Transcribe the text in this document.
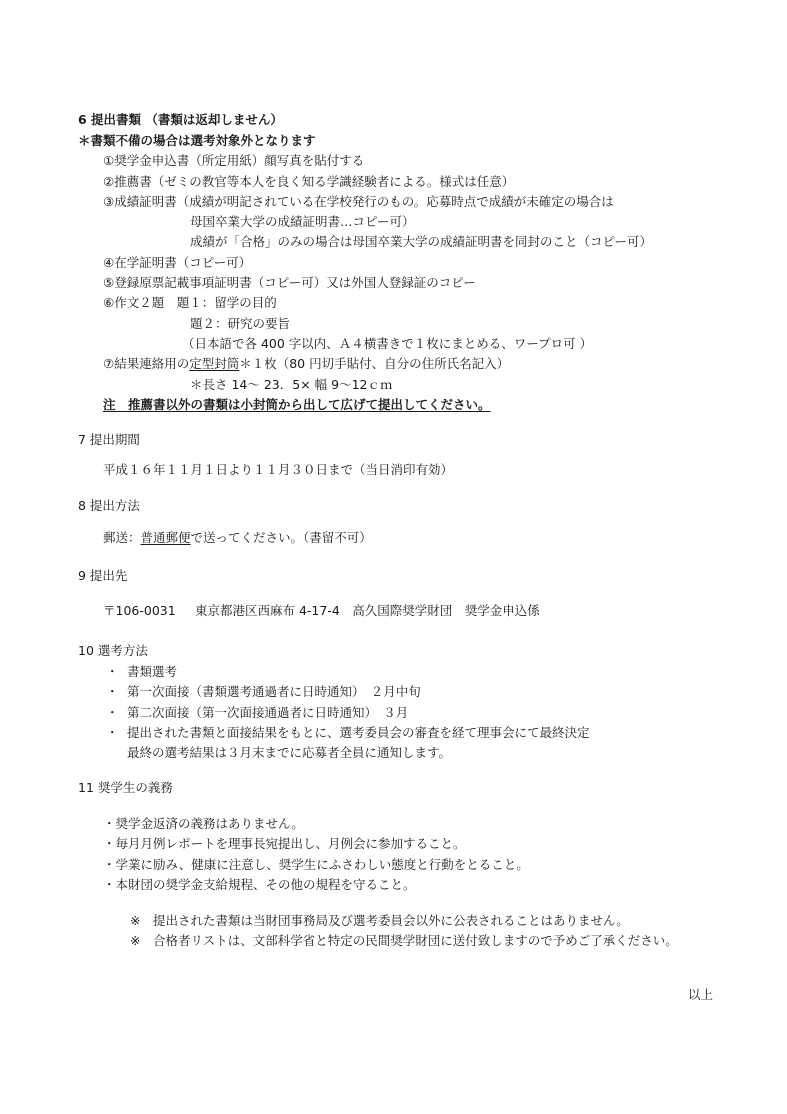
6 提出書類 （書類は返却しません）
＊書類不備の場合は選考対象外となります
①奨学金申込書（所定用紙）顔写真を貼付する
②推薦書（ゼミの教官等本人を良く知る学識経験者による。様式は任意）
③成績証明書（成績が明記されている在学校発行のもの。応募時点で成績が未確定の場合は
母国卒業大学の成績証明書…コピー可）
成績が「合格」のみの場合は母国卒業大学の成績証明書を同封のこと（コピー可）
④在学証明書（コピー可）
⑤登録原票記載事項証明書（コピー可）又は外国人登録証のコピー
⑥作文２題　題１：留学の目的
題２：研究の要旨
（日本語で各 400 字以内、Ａ４横書きで１枚にまとめる、ワープロ可 ）
⑦結果連絡用の定型封筒＊１枚（80 円切手貼付、自分の住所氏名記入）
＊長さ 14～ 23．5× 幅 9～12ｃｍ
注　推薦書以外の書類は小封筒から出して広げて提出してください。
7 提出期間
平成１６年１１月１日より１１月３０日まで（当日消印有効）
8 提出方法
郵送：普通郵便で送ってください。（書留不可）
9 提出先
〒106-0031 東京都港区西麻布 4-17-4　高久国際奨学財団　奨学金申込係
10 選考方法
・ 書類選考
・ 第一次面接（書類選考通過者に日時通知）　２月中旬
・ 第二次面接（第一次面接通過者に日時通知）　３月
・ 提出された書類と面接結果をもとに、選考委員会の審査を経て理事会にて最終決定
最終の選考結果は３月末までに応募者全員に通知します。
11 奨学生の義務
・奨学金返済の義務はありません。
・毎月月例レポートを理事長宛提出し、月例会に参加すること。
・学業に励み、健康に注意し、奨学生にふさわしい態度と行動をとること。
・本財団の奨学金支給規程、その他の規程を守ること。
※　提出された書類は当財団事務局及び選考委員会以外に公表されることはありません。
※　合格者リストは、文部科学省と特定の民間奨学財団に送付致しますので予めご了承ください。
以上
